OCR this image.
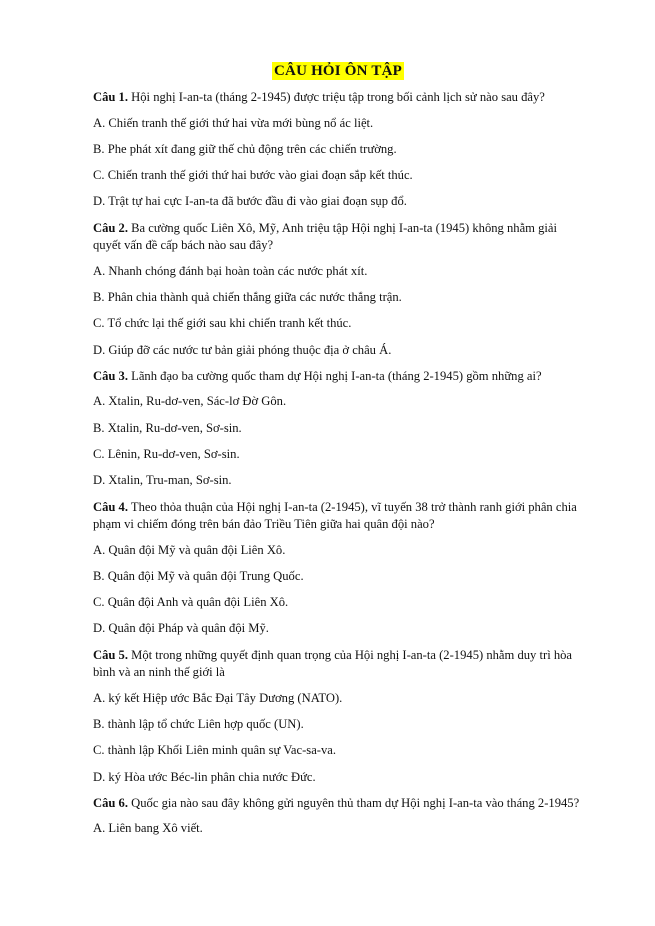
CÂU HỎI ÔN TẬP
Câu 1. Hội nghị I-an-ta (tháng 2-1945) được triệu tập trong bối cảnh lịch sử nào sau đây?
A. Chiến tranh thế giới thứ hai vừa mới bùng nổ ác liệt.
B. Phe phát xít đang giữ thế chủ động trên các chiến trường.
C. Chiến tranh thế giới thứ hai bước vào giai đoạn sắp kết thúc.
D. Trật tự hai cực I-an-ta đã bước đầu đi vào giai đoạn sụp đổ.
Câu 2. Ba cường quốc Liên Xô, Mỹ, Anh triệu tập Hội nghị I-an-ta (1945) không nhằm giải quyết vấn đề cấp bách nào sau đây?
A. Nhanh chóng đánh bại hoàn toàn các nước phát xít.
B. Phân chia thành quả chiến thắng giữa các nước thắng trận.
C. Tổ chức lại thế giới sau khi chiến tranh kết thúc.
D. Giúp đỡ các nước tư bản giải phóng thuộc địa ở châu Á.
Câu 3. Lãnh đạo ba cường quốc tham dự Hội nghị I-an-ta (tháng 2-1945) gồm những ai?
A. Xtalin, Ru-dơ-ven, Sác-lơ Đờ Gôn.
B. Xtalin, Ru-dơ-ven, Sơ-sin.
C. Lênin, Ru-dơ-ven, Sơ-sin.
D. Xtalin, Tru-man, Sơ-sin.
Câu 4. Theo thỏa thuận của Hội nghị I-an-ta (2-1945), vĩ tuyến 38 trở thành ranh giới phân chia phạm vi chiếm đóng trên bán đảo Triều Tiên giữa hai quân đội nào?
A. Quân đội Mỹ và quân đội Liên Xô.
B. Quân đội Mỹ và quân đội Trung Quốc.
C. Quân đội Anh và quân đội Liên Xô.
D. Quân đội Pháp và quân đội Mỹ.
Câu 5. Một trong những quyết định quan trọng của Hội nghị I-an-ta (2-1945) nhằm duy trì hòa bình và an ninh thế giới là
A. ký kết Hiệp ước Bắc Đại Tây Dương (NATO).
B. thành lập tổ chức Liên hợp quốc (UN).
C. thành lập Khối Liên minh quân sự Vac-sa-va.
D. ký Hòa ước Béc-lin phân chia nước Đức.
Câu 6. Quốc gia nào sau đây không gửi nguyên thủ tham dự Hội nghị I-an-ta vào tháng 2-1945?
A. Liên bang Xô viết.
